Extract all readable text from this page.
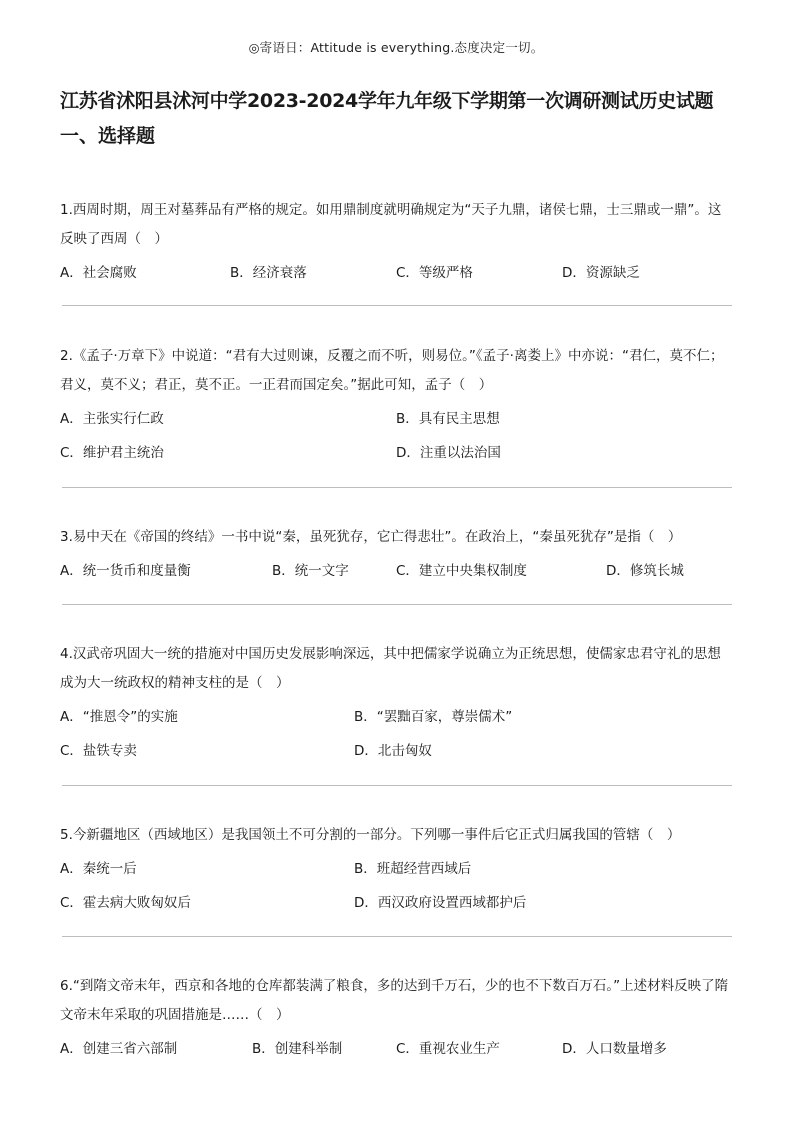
◎寄语日：Attitude is everything.态度决定一切。
江苏省沭阳县沭河中学2023-2024学年九年级下学期第一次调研测试历史试题
一、选择题

1.西周时期，周王对墓葬品有严格的规定。如用鼎制度就明确规定为“天子九鼎，诸侯七鼎，士三鼎或一鼎”。这反映了西周（　）

A．社会腐败	B．经济衰落	C．等级严格	D．资源缺乏

2.《孟子·万章下》中说道：“君有大过则谏，反覆之而不听，则易位。”《孟子·离娄上》中亦说：“君仁，莫不仁；君义，莫不义；君正，莫不正。一正君而国定矣。”据此可知，孟子（　）

A．主张实行仁政	B．具有民主思想
C．维护君主统治	D．注重以法治国

3.易中天在《帝国的终结》一书中说“秦，虽死犹存，它亡得悲壮”。在政治上，“秦虽死犹存”是指（　）

A．统一货币和度量衡	B．统一文字	C．建立中央集权制度	D．修筑长城

4.汉武帝巩固大一统的措施对中国历史发展影响深远，其中把儒家学说确立为正统思想，使儒家忠君守礼的思想成为大一统政权的精神支柱的是（　）

A．“推恩令”的实施	B．“罢黜百家，尊崇儒术”
C．盐铁专卖	D．北击匈奴

5.今新疆地区（西域地区）是我国领土不可分割的一部分。下列哪一事件后它正式归属我国的管辖（　）

A．秦统一后	B．班超经营西域后
C．霍去病大败匈奴后	D．西汉政府设置西域都护后

6.“到隋文帝末年，西京和各地的仓库都装满了粮食，多的达到千万石，少的也不下数百万石。”上述材料反映了隋文帝末年采取的巩固措施是……（　）

A．创建三省六部制	B．创建科举制	C．重视农业生产	D．人口数量增多
